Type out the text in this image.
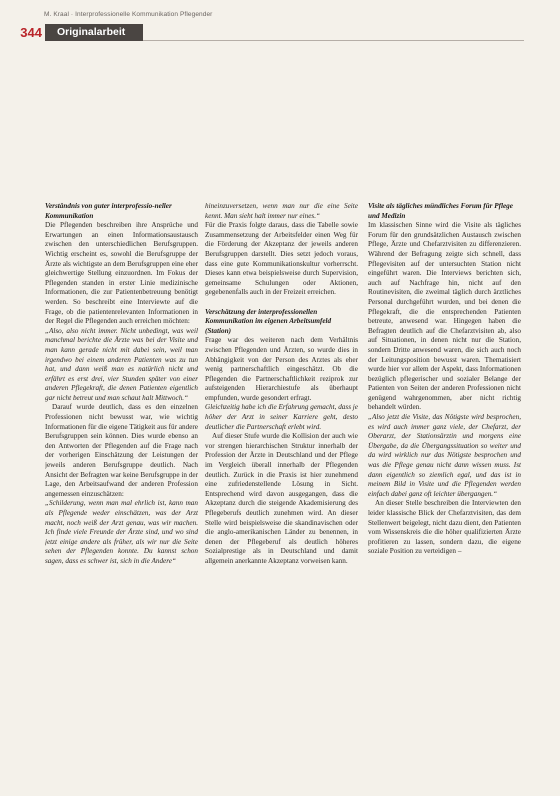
M. Kraal · Interprofessionelle Kommunikation Pflegender
344	Originalarbeit
Verständnis von guter interprofessio-neller Kommunikation

Die Pflegenden beschreiben ihre Ansprüche und Erwartungen an einen Informationsaustausch zwischen den unterschiedlichen Berufsgruppen. Wichtig erscheint es, sowohl die Berufsgruppe der Ärzte als wichtigste an dem Berufsgruppen eine eher gleichwertige Stellung einzuordnen. Im Fokus der Pflegenden standen in erster Linie medizinische Informationen, die zur Patientenbetreuung benötigt werden. So beschreibt eine Interviewte auf die Frage, ob die patientenrelevanten Informationen in der Regel die Pflegenden auch erreichen möchten:

„Also, also nicht immer. Nicht unbedingt, was weil manchmal berichte die Ärzte was bei der Visite und man kann gerade nicht mit dabei sein, weil man irgendwo bei einem anderen Patienten was zu tun hat, und dann weiß man es natürlich nicht und erfährt es erst drei, vier Stunden später von einer anderen Pflegekraft, die denen Patienten eigentlich gar nicht betreut und man schaut halt Mittwoch.“

Darauf wurde deutlich, dass es den einzelnen Professionen nicht bewusst war, wie wichtig Informationen für die eigene Tätigkeit aus für andere Berufsgruppen sein können. Dies wurde ebenso an den Antworten der Pflegenden auf die Frage nach der vorherigen Einschätzung der Leistungen der jeweils anderen Berufsgruppe deutlich. Nach Ansicht der Befragten war keine Berufsgruppe in der Lage, den Arbeitsaufwand der anderen Profession angemessen einzuschätzen:

„Schilderung, wenn man mal ehrlich ist, kann man als Pflegende weder einschätzen, was der Arzt macht, noch weiß der Arzt genau, was wir machen. Ich finde viele Freunde der Ärzte sind, und wo sind jetzt einige andere als früher, als wir nur die Seite sehen der Pflegenden konnte. Du kannst schon sagen, dass es schwer ist, sich in die Andere“

hineinzuversetzen, wenn man nur die eine Seite kennt. Man sieht halt immer nur eines.“

Für die Praxis folgte daraus, dass die Tabelle sowie Zusammensetzung der Arbeitsfelder einen Weg für die Förderung der Akzeptanz der jeweils anderen Berufsgruppen darstellt. Dies setzt jedoch voraus, dass eine gute Kommunikationskultur vorherrscht. Dieses kann etwa beispielsweise durch Supervision, gemeinsame Schulungen oder Aktionen, gegebenenfalls auch in der Freizeit erreichen.

Verschätzung der interprofessionellen Kommunikation im eigenen Arbeitsumfeld (Station)

Frage war des weiteren nach dem Verhältnis zwischen Pflegenden und Ärzten, so wurde dies in Abhängigkeit von der Person des Arztes als eher wenig partnerschaftlich eingeschätzt. Ob die Pflegenden die Partnerschaftlichkeit reziprok zur aufsteigenden Hierarchiestufe als überhaupt empfunden, wurde gesondert erfragt.

Gleichzeitig habe ich die Erfahrung gemacht, dass je höher der Arzt in seiner Karriere geht, desto deutlicher die Partnerschaft erlebt wird.

Auf dieser Stufe wurde die Kollision der auch wie vor strengen hierarchischen Struktur innerhalb der Profession der Ärzte in Deutschland und der Pflege im Vergleich überall innerhalb der Pflegenden deutlich. Zurück in die Praxis ist hier zunehmend eine zufriedenstellende Lösung in Sicht. Entsprechend wird davon ausgegangen, dass die Akzeptanz durch die steigende Akademisierung des Pflegeberufs deutlich zunehmen wird. An dieser Stelle wird beispielsweise die skandinavischen oder die anglo-amerikanischen Länder zu benennen, in denen der Pflegeberuf als deutlich höheres Sozialprestige als in Deutschland und damit allgemein anerkannte Akzeptanz vorweisen kann.

Visite als tägliches mündliches Forum für Pflege und Medizin

Im klassischen Sinne wird die Visite als tägliches Forum für den grundsätzlichen Austausch zwischen Pflege, Ärzte und Chefarztvisiten zu differenzieren. Während der Befragung zeigte sich schnell, dass Pflegevisiten auf der untersuchten Station nicht eingeführt waren. Die Interviews berichten sich, auch auf Nachfrage hin, nicht auf den Routinevisiten, die zweimal täglich durch ärztliches Personal durchgeführt wurden, und bei denen die Pflegekraft, die die entsprechenden Patienten betreute, anwesend war. Hingegen haben die Befragten deutlich auf die Chefarztvisiten ab, also auf Situationen, in denen nicht nur die Station, sondern Dritte anwesend waren, die sich auch noch der Leitungsposition bewusst waren. Thematisiert wurde hier vor allem der Aspekt, dass Informationen bezüglich pflegerischer und sozialer Belange der Patienten von Seiten der anderen Professionen nicht genügend wahrgenommen, aber nicht richtig behandelt würden.

„Also jetzt die Visite, das Nötigste wird besprochen, es wird auch immer ganz viele, der Chefarzt, der Oberarzt, der Stationsärztin und morgens eine Übergabe, da die Übergangssituation so weiter und da wird wirklich nur das Nötigste besprochen und was die Pflege genau nicht dann wissen muss. Ist dann eigentlich so ziemlich egal, und das ist in meinem Bild in Visite und die Pflegenden werden einfach dabei ganz oft leichter übergangen.“

An dieser Stelle beschreiben die Interviewten den leider klassische Blick der Chefarztvisiten, das dem Stellenwert beigelegt, nicht dazu dient, den Patienten vom Wissenskreis die die höher qualifizierten Ärzte profitieren zu lassen, sondern dazu, die eigene soziale Position zu verteidigen –
